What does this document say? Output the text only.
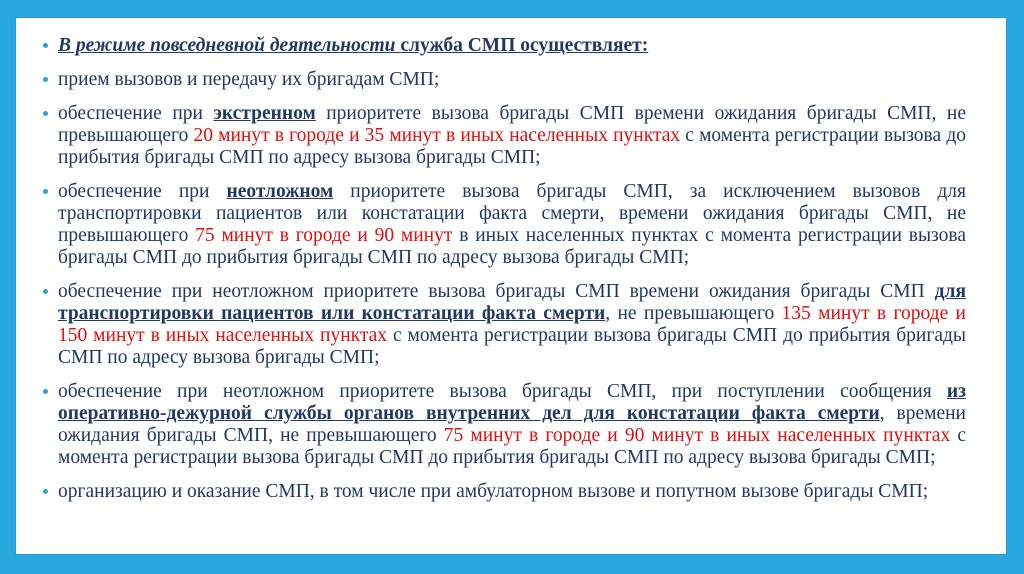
В режиме повседневной деятельности служба СМП осуществляет:
прием вызовов и передачу их бригадам СМП;
обеспечение при экстренном приоритете вызова бригады СМП времени ожидания бригады СМП, не превышающего 20 минут в городе и 35 минут в иных населенных пунктах с момента регистрации вызова до прибытия бригады СМП по адресу вызова бригады СМП;
обеспечение при неотложном приоритете вызова бригады СМП, за исключением вызовов для транспортировки пациентов или констатации факта смерти, времени ожидания бригады СМП, не превышающего 75 минут в городе и 90 минут в иных населенных пунктах с момента регистрации вызова бригады СМП до прибытия бригады СМП по адресу вызова бригады СМП;
обеспечение при неотложном приоритете вызова бригады СМП времени ожидания бригады СМП для транспортировки пациентов или констатации факта смерти, не превышающего 135 минут в городе и 150 минут в иных населенных пунктах с момента регистрации вызова бригады СМП до прибытия бригады СМП по адресу вызова бригады СМП;
обеспечение при неотложном приоритете вызова бригады СМП, при поступлении сообщения из оперативно-дежурной службы органов внутренних дел для констатации факта смерти, времени ожидания бригады СМП, не превышающего 75 минут в городе и 90 минут в иных населенных пунктах с момента регистрации вызова бригады СМП до прибытия бригады СМП по адресу вызова бригады СМП;
организацию и оказание СМП, в том числе при амбулаторном вызове и попутном вызове бригады СМП;
